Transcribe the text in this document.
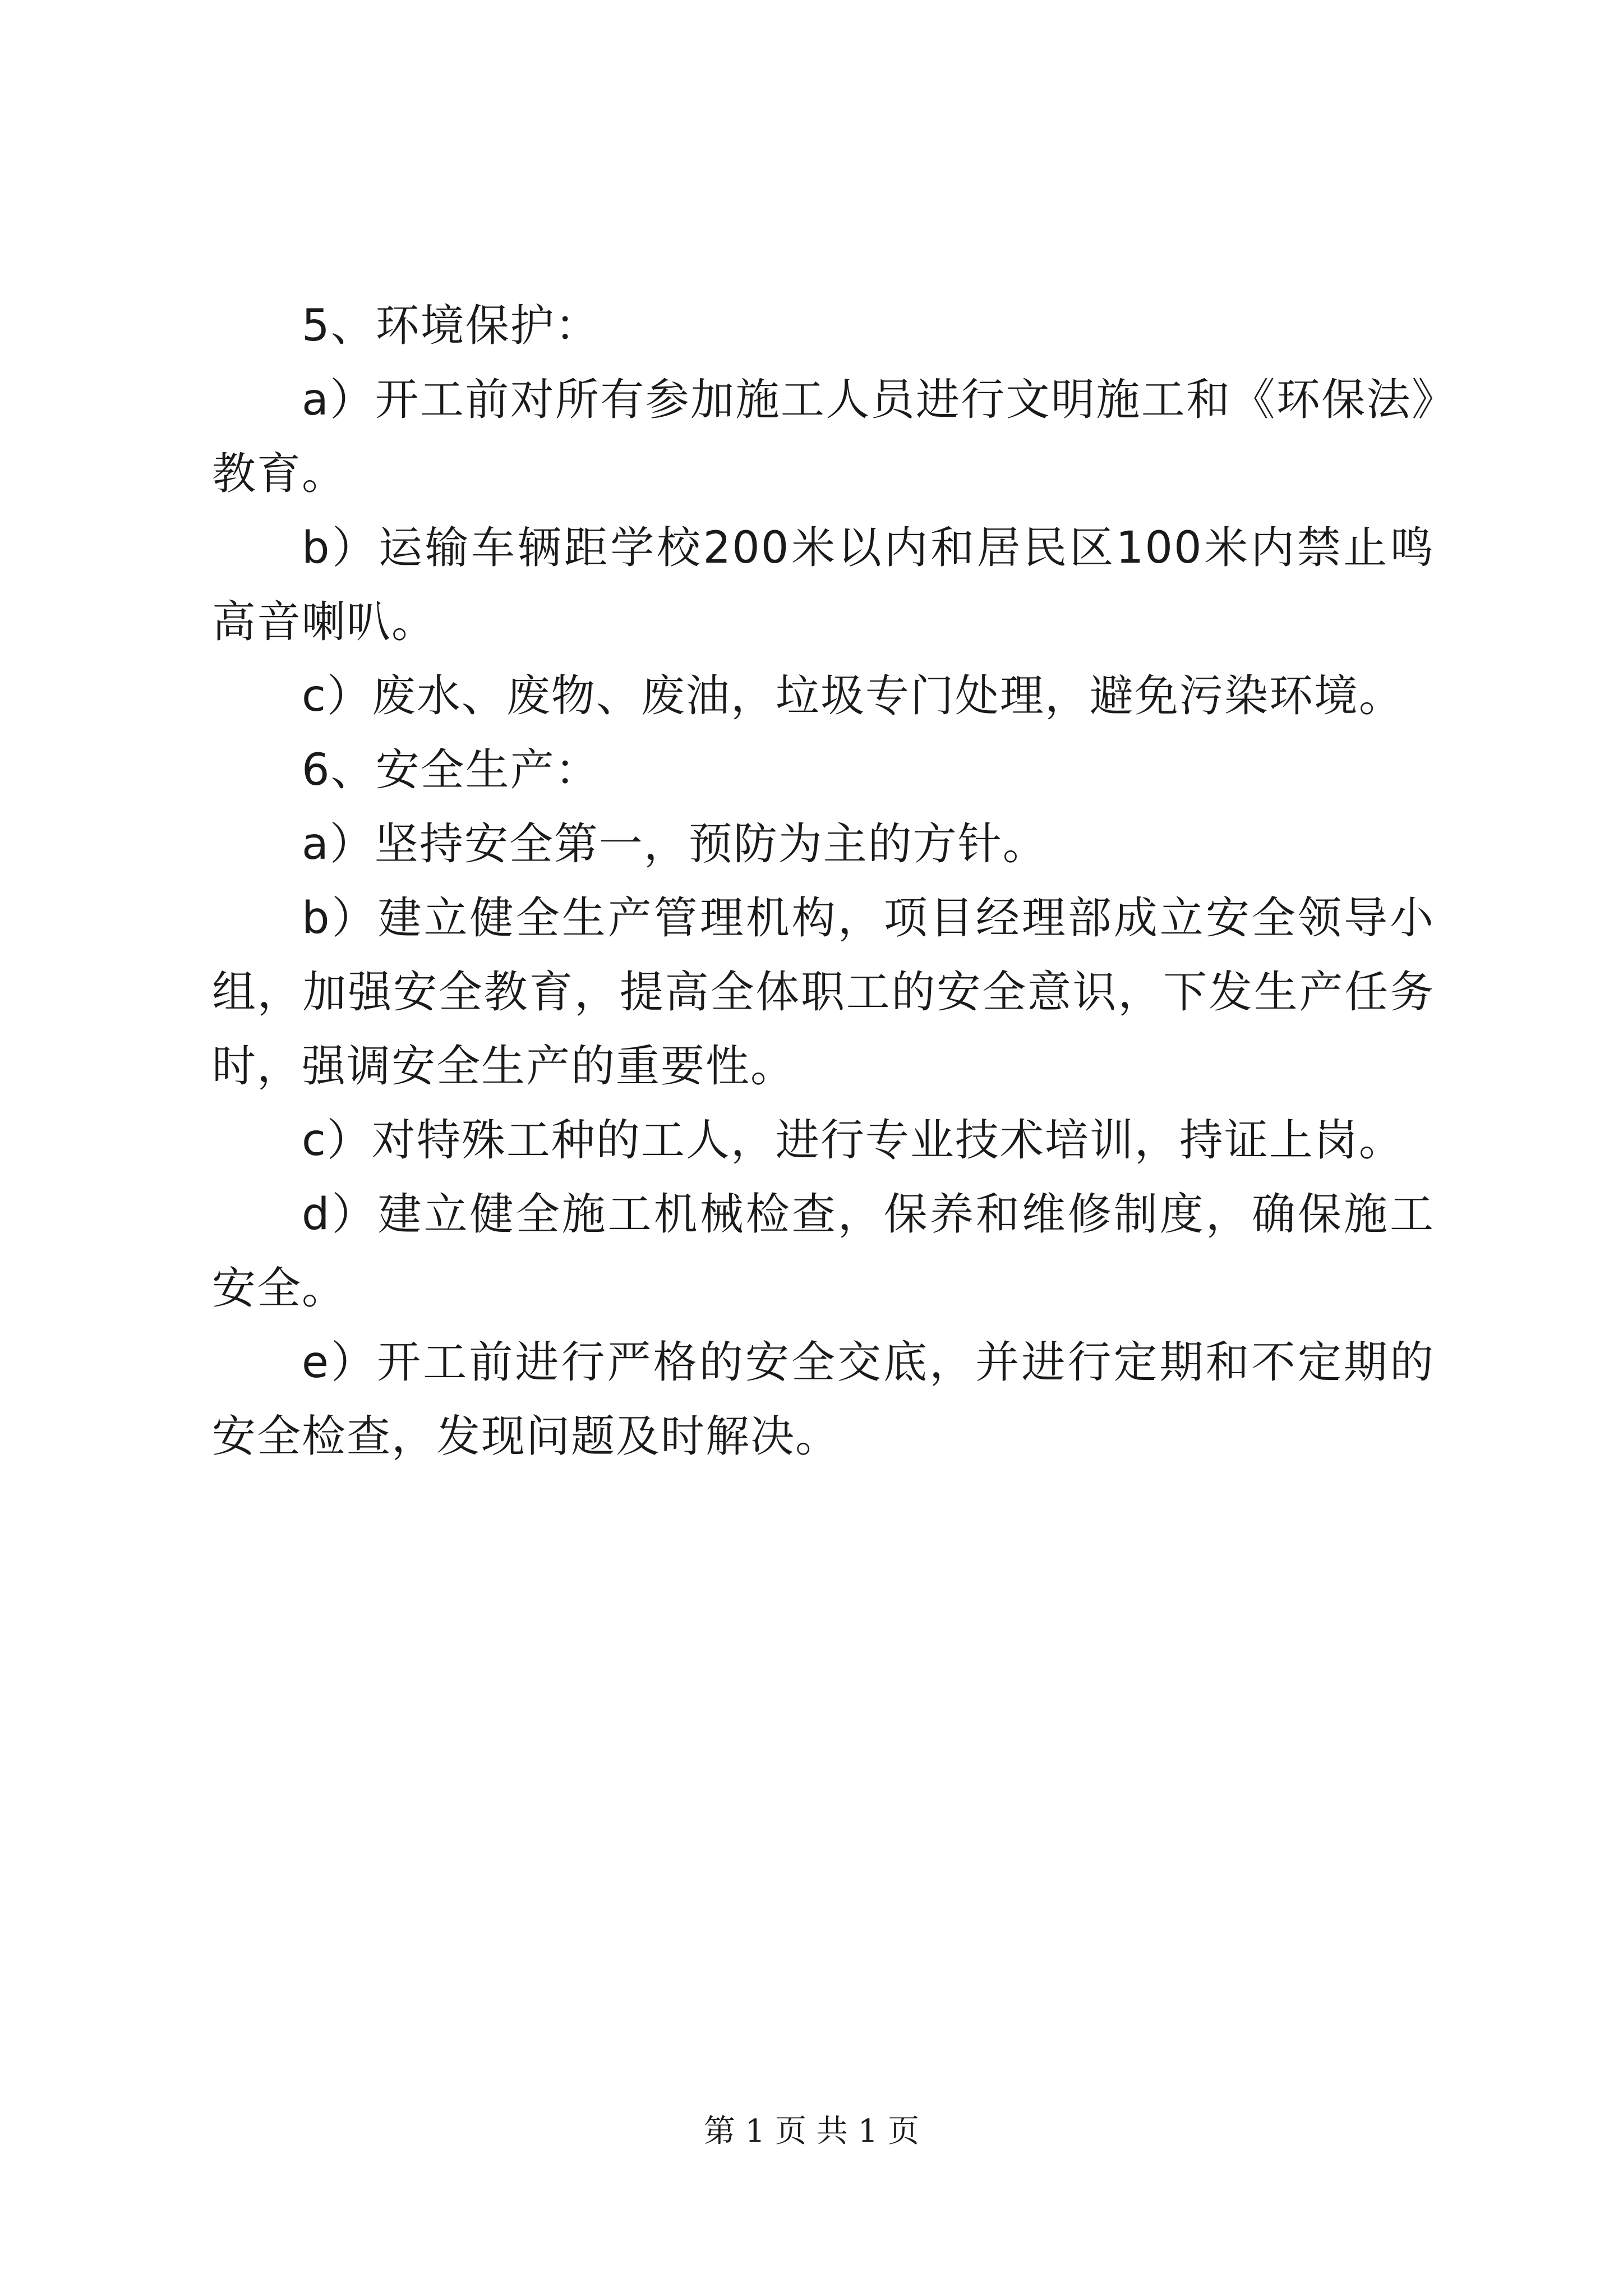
5、环境保护：

a）开工前对所有参加施工人员进行文明施工和《环保法》教育。

b）运输车辆距学校200米以内和居民区100米内禁止鸣高音喇叭。

c）废水、废物、废油，垃圾专门处理，避免污染环境。

6、安全生产：

a）坚持安全第一，预防为主的方针。

b）建立健全生产管理机构，项目经理部成立安全领导小组，加强安全教育，提高全体职工的安全意识，下发生产任务时，强调安全生产的重要性。

c）对特殊工种的工人，进行专业技术培训，持证上岗。

d）建立健全施工机械检查，保养和维修制度，确保施工安全。

e）开工前进行严格的安全交底，并进行定期和不定期的安全检查，发现问题及时解决。

第 1 页 共 1 页
